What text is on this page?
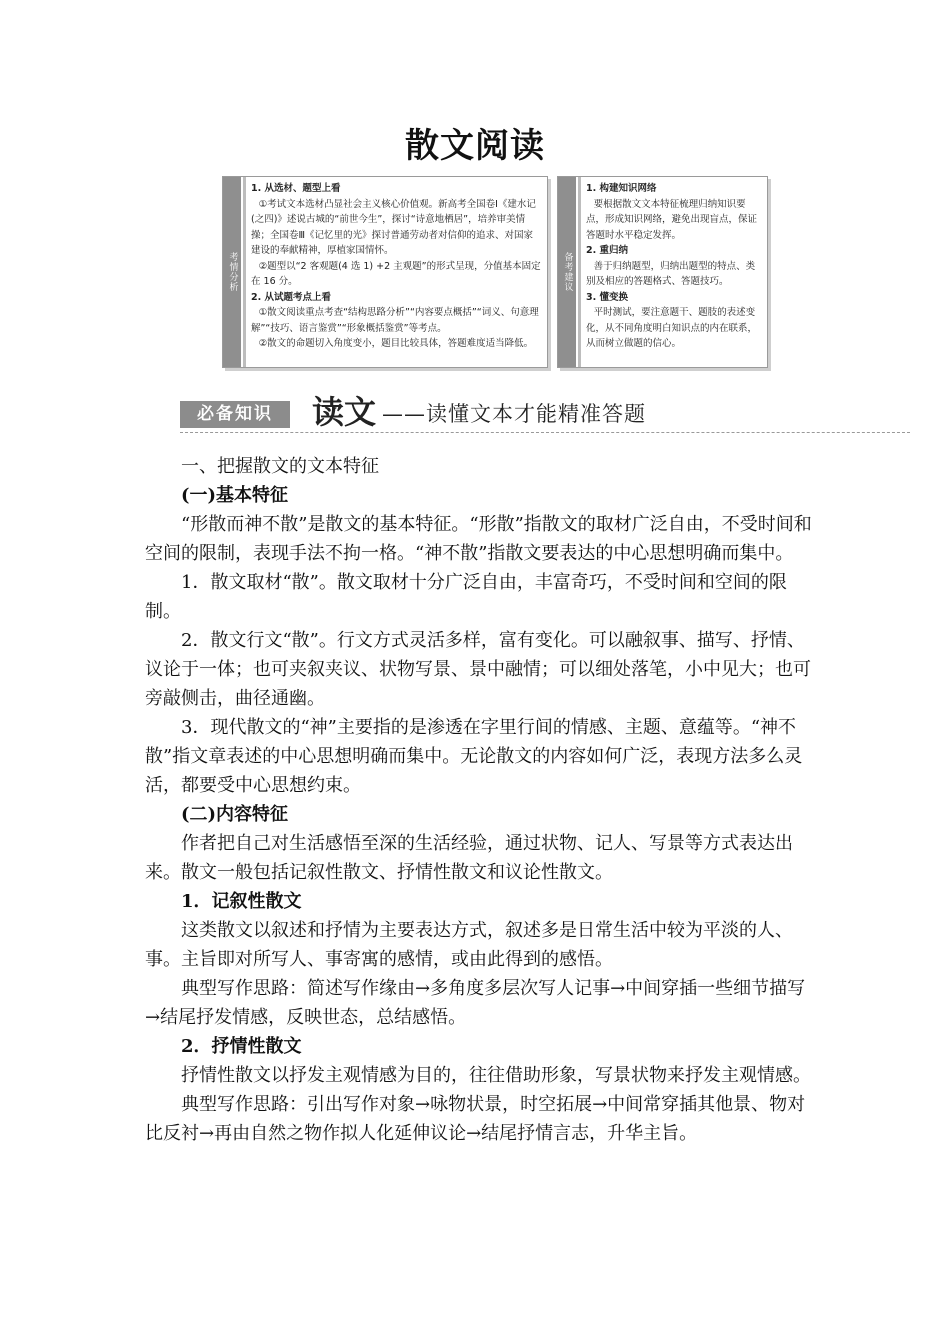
散文阅读
考情分析

1. 从选材、题型上看

①考试文本选材凸显社会主义核心价值观。新高考全国卷Ⅰ《建水记(之四)》述说古城的“前世今生”，探讨“诗意地栖居”，培养审美情操；全国卷Ⅲ《记忆里的光》探讨普通劳动者对信仰的追求、对国家建设的奉献精神，厚植家国情怀。

②题型以“2 客观题(4 选 1) +2 主观题”的形式呈现，分值基本固定在 16 分。

2. 从试题考点上看

①散文阅读重点考查“结构思路分析”“内容要点概括”“词义、句意理解”“技巧、语言鉴赏”“形象概括鉴赏”等考点。

②散文的命题切入角度变小，题目比较具体，答题难度适当降低。

备考建议

1. 构建知识网络

要根据散文文本特征梳理归纳知识要点，形成知识网络，避免出现盲点，保证答题时水平稳定发挥。

2. 重归纳

善于归纳题型，归纳出题型的特点、类别及相应的答题格式、答题技巧。

3. 懂变换

平时测试，要注意题干、题肢的表述变化，从不同角度明白知识点的内在联系，从而树立做题的信心。

必备知识	读文 ——读懂文本才能精准答题

一、把握散文的文本特征

(一)基本特征

“形散而神不散”是散文的基本特征。“形散”指散文的取材广泛自由，不受时间和空间的限制，表现手法不拘一格。“神不散”指散文要表达的中心思想明确而集中。

1．散文取材“散”。散文取材十分广泛自由，丰富奇巧，不受时间和空间的限制。

2．散文行文“散”。行文方式灵活多样，富有变化。可以融叙事、描写、抒情、议论于一体；也可夹叙夹议、状物写景、景中融情；可以细处落笔，小中见大；也可旁敲侧击，曲径通幽。

3．现代散文的“神”主要指的是渗透在字里行间的情感、主题、意蕴等。“神不散”指文章表述的中心思想明确而集中。无论散文的内容如何广泛，表现方法多么灵活，都要受中心思想约束。

(二)内容特征

作者把自己对生活感悟至深的生活经验，通过状物、记人、写景等方式表达出来。散文一般包括记叙性散文、抒情性散文和议论性散文。

1．记叙性散文

这类散文以叙述和抒情为主要表达方式，叙述多是日常生活中较为平淡的人、事。主旨即对所写人、事寄寓的感情，或由此得到的感悟。

典型写作思路：简述写作缘由→多角度多层次写人记事→中间穿插一些细节描写→结尾抒发情感，反映世态，总结感悟。

2．抒情性散文

抒情性散文以抒发主观情感为目的，往往借助形象，写景状物来抒发主观情感。

典型写作思路：引出写作对象→咏物状景，时空拓展→中间常穿插其他景、物对比反衬→再由自然之物作拟人化延伸议论→结尾抒情言志，升华主旨。
